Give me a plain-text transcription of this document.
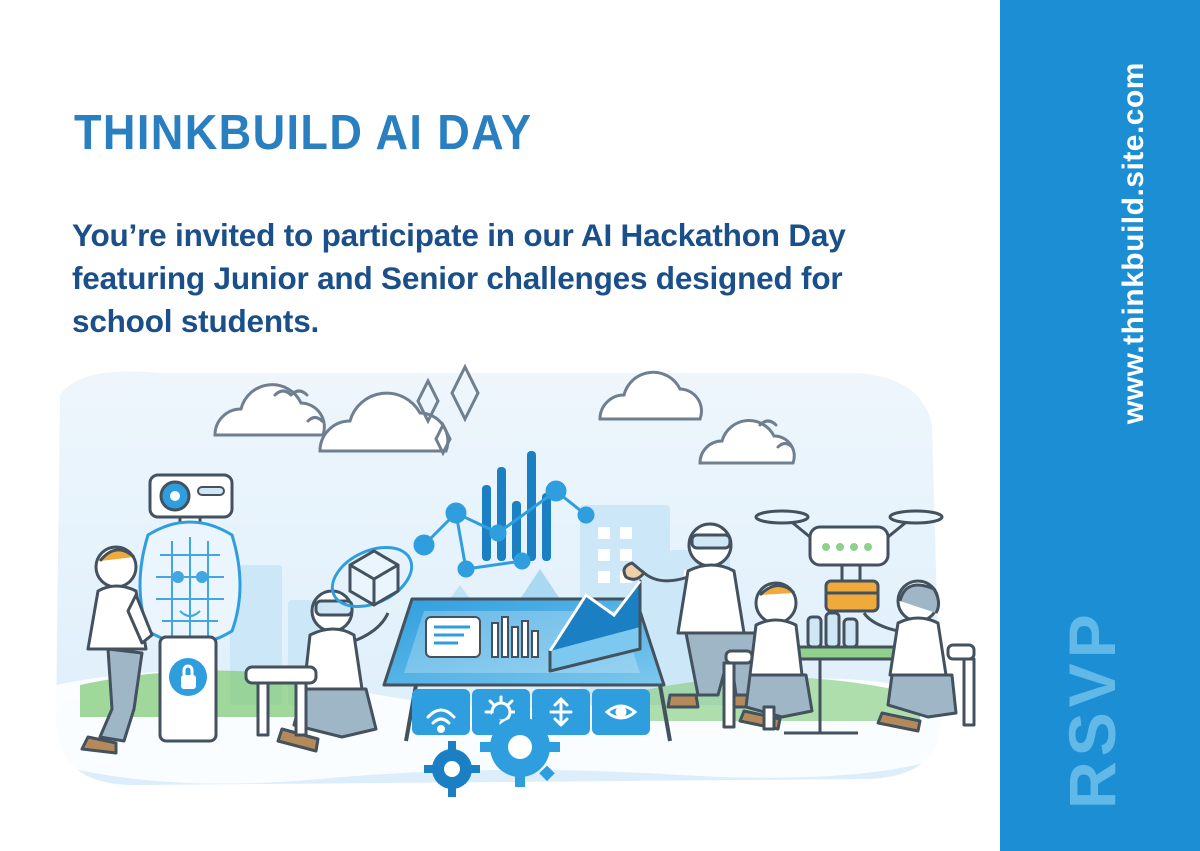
THINKBUILD AI DAY

You’re invited to participate in our AI Hackathon Day featuring Junior and Senior challenges designed for school students.	www.thinkbuild.site.com
RSVP
